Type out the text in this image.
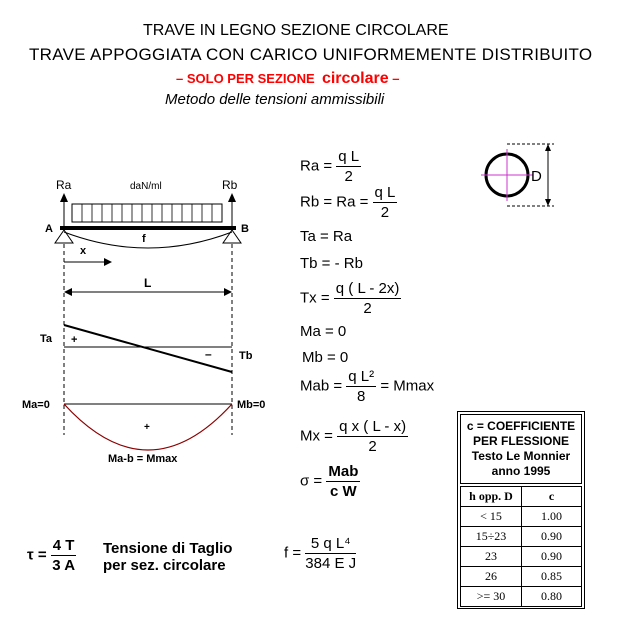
TRAVE IN LEGNO SEZIONE CIRCOLARE
TRAVE APPOGGIATA CON CARICO UNIFORMEMENTE DISTRIBUITO
– SOLO PER SEZIONE circolare –
Metodo delle tensioni ammissibili
Ra	Rb
daN/ml
A	B
f
x
L
Ta
Tb
+
–
Ma=0	Mb=0
+
Ma-b = Mmax
D
$Ra = \frac{\text{q L}}{2}$
$Rb = Ra = \frac{\text{q L}}{2}$
Ta = Ra
Tb = - Rb
$Tx = \frac{q ( L - 2x)}{2}$
Ma = 0
Mb = 0
Mab = $\frac{\text{q L²}}{8} = Mmax$
$Mx = \frac{\text{q x ( L - x)}}{2}$
$\sigma = \frac{\text{Mab}}{\text{c W}}$
$\tau = \frac{4 T}{3 A}$ Tensione di Taglio
per sez. circolare
$f = \frac{\text{5 q L⁴}}{\text{384 E J}}$
c = COEFFICIENTE
PER FLESSIONE
Testo Le Monnier
anno 1995
h opp. D	c
< 15	1.00
15÷23	0.90
23	0.90
26	0.85
>= 30	0.80
